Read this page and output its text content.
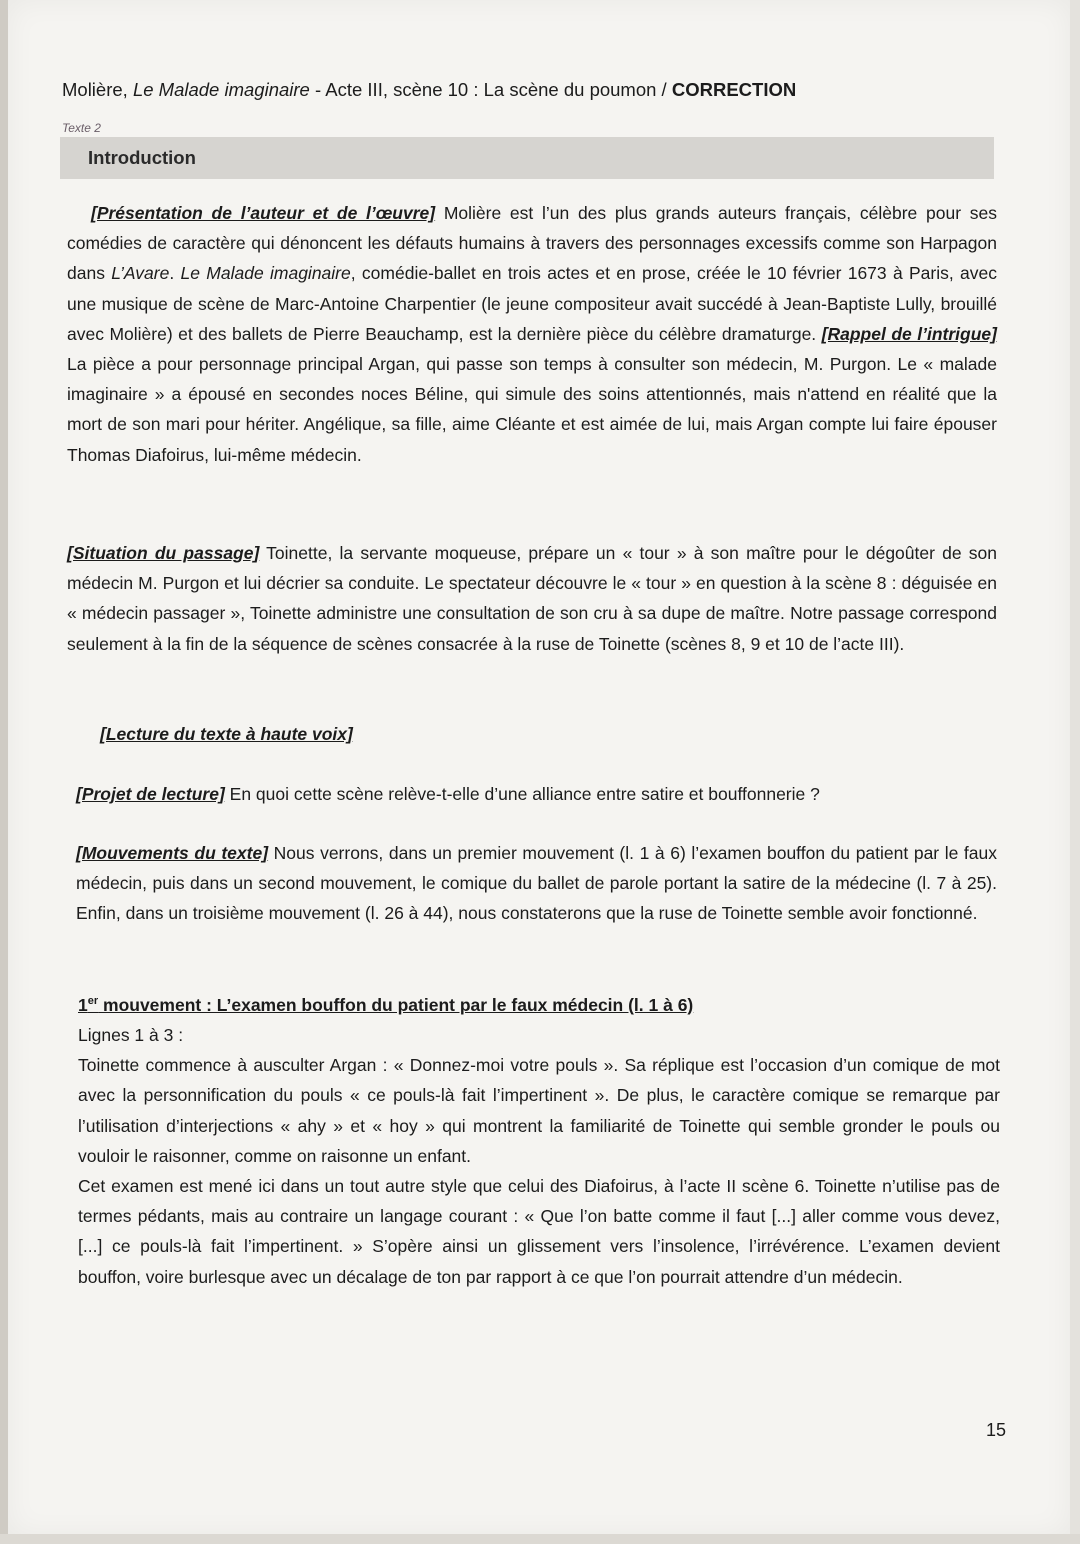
Molière, Le Malade imaginaire - Acte III, scène 10 : La scène du poumon / CORRECTION
Texte 2
Introduction

[Présentation de l’auteur et de l’œuvre] Molière est l’un des plus grands auteurs français, célèbre pour ses comédies de caractère qui dénoncent les défauts humains à travers des personnages excessifs comme son Harpagon dans L’Avare. Le Malade imaginaire, comédie-ballet en trois actes et en prose, créée le 10 février 1673 à Paris, avec une musique de scène de Marc-Antoine Charpentier (le jeune compositeur avait succédé à Jean-Baptiste Lully, brouillé avec Molière) et des ballets de Pierre Beauchamp, est la dernière pièce du célèbre dramaturge. [Rappel de l’intrigue] La pièce a pour personnage principal Argan, qui passe son temps à consulter son médecin, M. Purgon. Le « malade imaginaire » a épousé en secondes noces Béline, qui simule des soins attentionnés, mais n'attend en réalité que la mort de son mari pour hériter. Angélique, sa fille, aime Cléante et est aimée de lui, mais Argan compte lui faire épouser Thomas Diafoirus, lui-même médecin.

[Situation du passage] Toinette, la servante moqueuse, prépare un « tour » à son maître pour le dégoûter de son médecin M. Purgon et lui décrier sa conduite. Le spectateur découvre le « tour » en question à la scène 8 : déguisée en « médecin passager », Toinette administre une consultation de son cru à sa dupe de maître. Notre passage correspond seulement à la fin de la séquence de scènes consacrée à la ruse de Toinette (scènes 8, 9 et 10 de l’acte III).

[Lecture du texte à haute voix]

[Projet de lecture] En quoi cette scène relève-t-elle d’une alliance entre satire et bouffonnerie ?

[Mouvements du texte] Nous verrons, dans un premier mouvement (l. 1 à 6) l’examen bouffon du patient par le faux médecin, puis dans un second mouvement, le comique du ballet de parole portant la satire de la médecine (l. 7 à 25). Enfin, dans un troisième mouvement (l. 26 à 44), nous constaterons que la ruse de Toinette semble avoir fonctionné.

1er mouvement : L’examen bouffon du patient par le faux médecin (l. 1 à 6)

Lignes 1 à 3 :

Toinette commence à ausculter Argan : « Donnez-moi votre pouls ». Sa réplique est l’occasion d’un comique de mot avec la personnification du pouls « ce pouls-là fait l’impertinent ». De plus, le caractère comique se remarque par l’utilisation d’interjections « ahy » et « hoy » qui montrent la familiarité de Toinette qui semble gronder le pouls ou vouloir le raisonner, comme on raisonne un enfant.

Cet examen est mené ici dans un tout autre style que celui des Diafoirus, à l’acte II scène 6. Toinette n’utilise pas de termes pédants, mais au contraire un langage courant : « Que l’on batte comme il faut [...] aller comme vous devez, [...] ce pouls-là fait l’impertinent. » S’opère ainsi un glissement vers l’insolence, l’irrévérence. L’examen devient bouffon, voire burlesque avec un décalage de ton par rapport à ce que l’on pourrait attendre d’un médecin.

15
